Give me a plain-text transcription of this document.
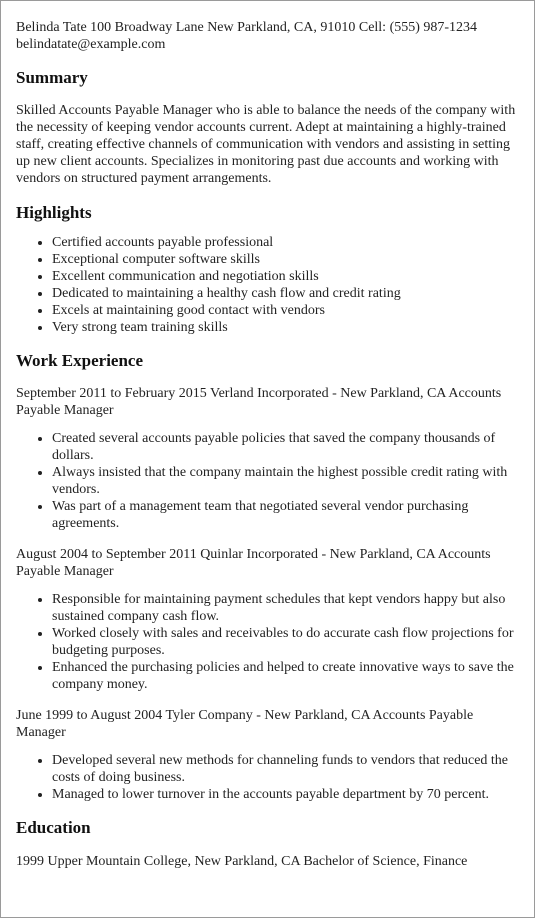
Belinda Tate 100 Broadway Lane New Parkland, CA, 91010 Cell: (555) 987-1234

belindatate@example.com

Summary

Skilled Accounts Payable Manager who is able to balance the needs of the company with the necessity of keeping vendor accounts current. Adept at maintaining a highly-trained staff, creating effective channels of communication with vendors and assisting in setting up new client accounts. Specializes in monitoring past due accounts and working with vendors on structured payment arrangements.

Highlights
• Certified accounts payable professional
• Exceptional computer software skills
• Excellent communication and negotiation skills
• Dedicated to maintaining a healthy cash flow and credit rating
• Excels at maintaining good contact with vendors
• Very strong team training skills
Work Experience

September 2011 to February 2015 Verland Incorporated - New Parkland, CA Accounts Payable Manager

• Created several accounts payable policies that saved the company thousands of dollars.
• Always insisted that the company maintain the highest possible credit rating with vendors.
• Was part of a management team that negotiated several vendor purchasing agreements.

August 2004 to September 2011 Quinlar Incorporated - New Parkland, CA Accounts Payable Manager

• Responsible for maintaining payment schedules that kept vendors happy but also sustained company cash flow.
• Worked closely with sales and receivables to do accurate cash flow projections for budgeting purposes.
• Enhanced the purchasing policies and helped to create innovative ways to save the company money.

June 1999 to August 2004 Tyler Company - New Parkland, CA Accounts Payable Manager

• Developed several new methods for channeling funds to vendors that reduced the costs of doing business.
• Managed to lower turnover in the accounts payable department by 70 percent.
Education

1999 Upper Mountain College, New Parkland, CA Bachelor of Science, Finance
